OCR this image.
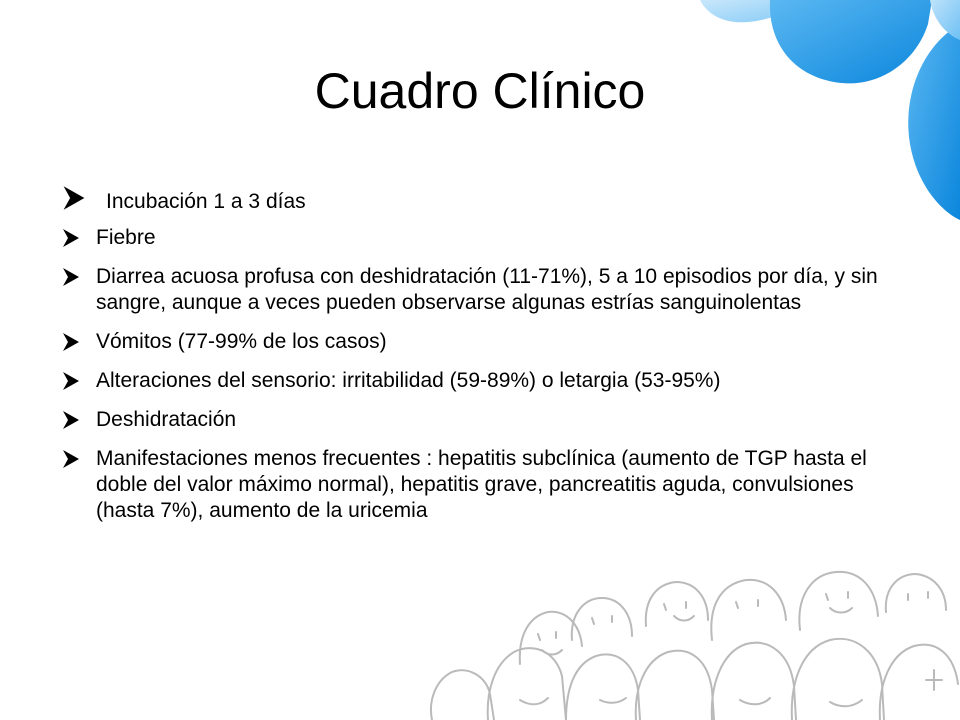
Cuadro Clínico
Incubación 1 a 3 días
Fiebre
Diarrea acuosa profusa con deshidratación (11-71%), 5 a 10 episodios por día, y sin sangre, aunque a veces pueden observarse algunas estrías sanguinolentas
Vómitos (77-99% de los casos)
Alteraciones del sensorio: irritabilidad (59-89%) o letargia (53-95%)
Deshidratación
Manifestaciones menos frecuentes : hepatitis subclínica (aumento de TGP hasta el doble del valor máximo normal), hepatitis grave, pancreatitis aguda, convulsiones (hasta 7%), aumento de la uricemia
